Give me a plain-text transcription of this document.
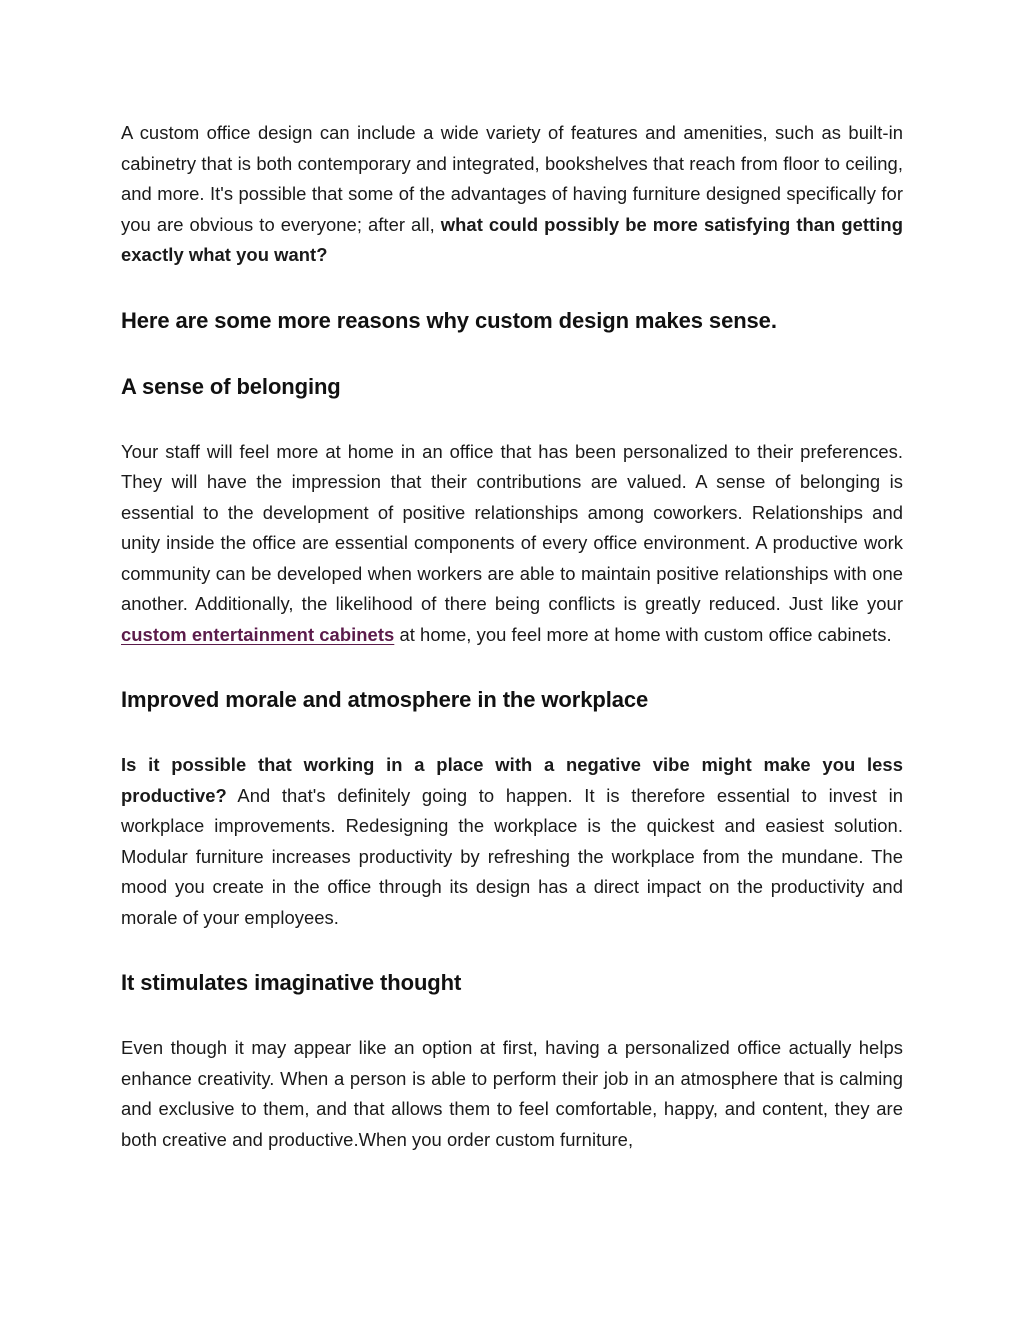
A custom office design can include a wide variety of features and amenities, such as built-in cabinetry that is both contemporary and integrated, bookshelves that reach from floor to ceiling, and more. It's possible that some of the advantages of having furniture designed specifically for you are obvious to everyone; after all, what could possibly be more satisfying than getting exactly what you want?

Here are some more reasons why custom design makes sense.
A sense of belonging

Your staff will feel more at home in an office that has been personalized to their preferences. They will have the impression that their contributions are valued. A sense of belonging is essential to the development of positive relationships among coworkers. Relationships and unity inside the office are essential components of every office environment. A productive work community can be developed when workers are able to maintain positive relationships with one another. Additionally, the likelihood of there being conflicts is greatly reduced. Just like your custom entertainment cabinets at home, you feel more at home with custom office cabinets.

Improved morale and atmosphere in the workplace

Is it possible that working in a place with a negative vibe might make you less productive? And that's definitely going to happen. It is therefore essential to invest in workplace improvements. Redesigning the workplace is the quickest and easiest solution. Modular furniture increases productivity by refreshing the workplace from the mundane. The mood you create in the office through its design has a direct impact on the productivity and morale of your employees.

It stimulates imaginative thought

Even though it may appear like an option at first, having a personalized office actually helps enhance creativity. When a person is able to perform their job in an atmosphere that is calming and exclusive to them, and that allows them to feel comfortable, happy, and content, they are both creative and productive.When you order custom furniture,
